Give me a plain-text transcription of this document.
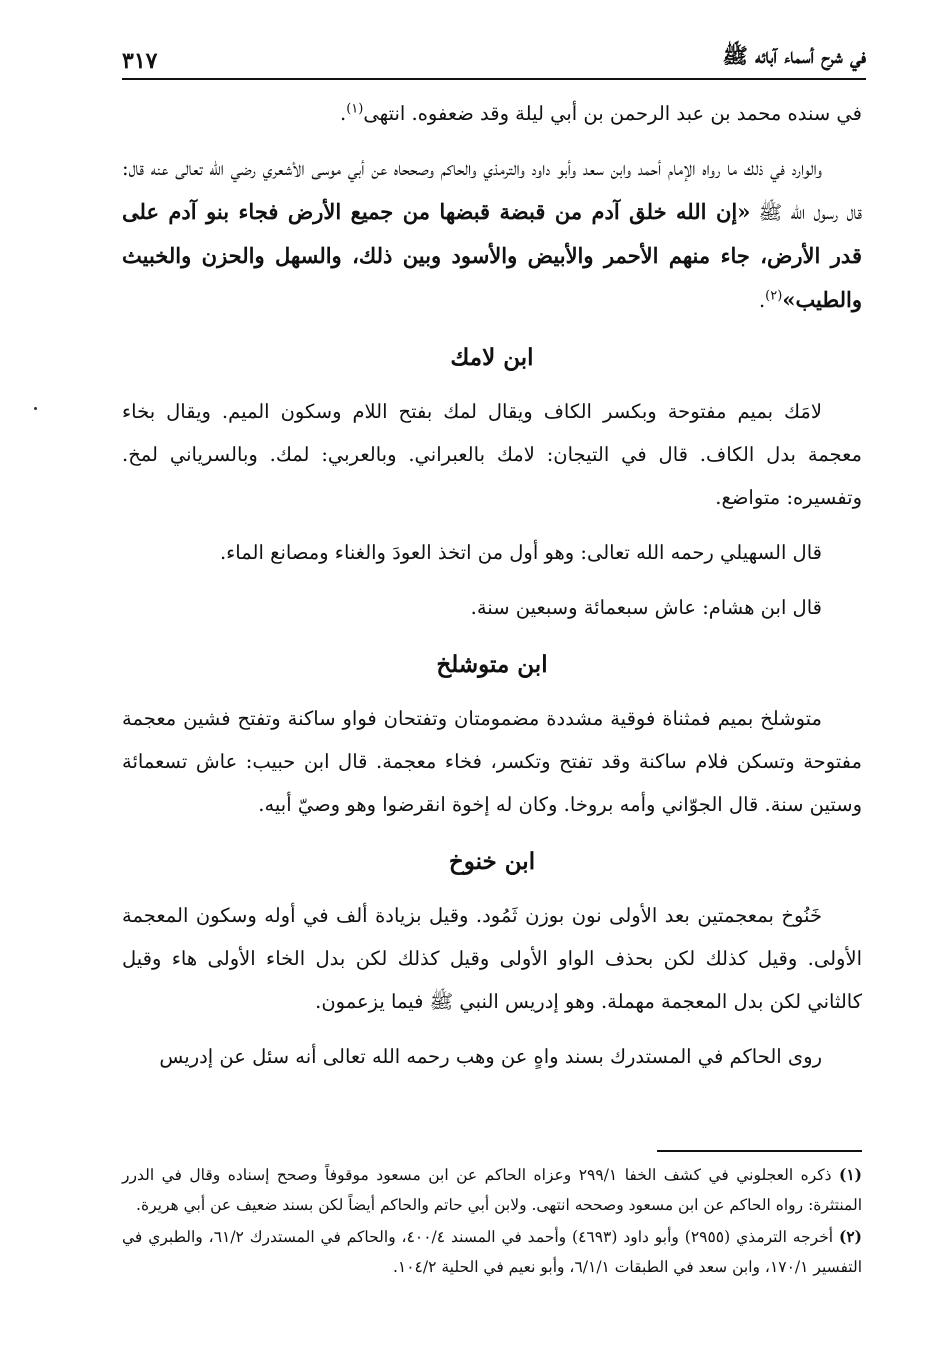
في شرح أسماء آبائه ﷺ
٣١٧

في سنده محمد بن عبد الرحمن بن أبي ليلة وقد ضعفوه. انتهى$^{(١)}$.

والوارد في ذلك ما رواه الإمام أحمد وابن سعد وأبو داود والترمذي والحاكم وصححاه عن أبي موسى الأشعري رضي الله تعالى عنه قال: قال رسول الله ﷺ «إن الله خلق آدم من قبضة قبضها من جميع الأرض فجاء بنو آدم على قدر الأرض، جاء منهم الأحمر والأبيض والأسود وبين ذلك، والسهل والحزن والخبيث والطيب»$^{(٢)}$.

ابن لامك

لامَك بميم مفتوحة وبكسر الكاف ويقال لمك بفتح اللام وسكون الميم. ويقال بخاء معجمة بدل الكاف. قال في التيجان: لامك بالعبراني. وبالعربي: لمك. وبالسرياني لمخ. وتفسيره: متواضع.

قال السهيلي رحمه الله تعالى: وهو أول من اتخذ العودَ والغناء ومصانع الماء.

قال ابن هشام: عاش سبعمائة وسبعين سنة.

ابن متوشلخ

متوشلخ بميم فمثناة فوقية مشددة مضمومتان وتفتحان فواو ساكنة وتفتح فشين معجمة مفتوحة وتسكن فلام ساكنة وقد تفتح وتكسر، فخاء معجمة. قال ابن حبيب: عاش تسعمائة وستين سنة. قال الجوّاني وأمه بروخا. وكان له إخوة انقرضوا وهو وصيّ أبيه.

ابن خنوخ

خَنُوخ بمعجمتين بعد الأولى نون بوزن ثَمُود. وقيل بزيادة ألف في أوله وسكون المعجمة الأولى. وقيل كذلك لكن بحذف الواو الأولى وقيل كذلك لكن بدل الخاء الأولى هاء وقيل كالثاني لكن بدل المعجمة مهملة. وهو إدريس النبي ﷺ فيما يزعمون.

روى الحاكم في المستدرك بسند واهٍ عن وهب رحمه الله تعالى أنه سئل عن إدريس

(١) ذكره العجلوني في كشف الخفا ٢٩٩/١ وعزاه الحاكم عن ابن مسعود موقوفاً وصحح إسناده وقال في الدرر المنتثرة: رواه الحاكم عن ابن مسعود وصححه انتهى. ولابن أبي حاتم والحاكم أيضاً لكن بسند ضعيف عن أبي هريرة.

(٢) أخرجه الترمذي (٢٩٥٥) وأبو داود (٤٦٩٣) وأحمد في المسند ٤٠٠/٤، والحاكم في المستدرك ٦١/٢، والطبري في التفسير ١٧٠/١، وابن سعد في الطبقات ٦/١/١، وأبو نعيم في الحلية ١٠٤/٢.
